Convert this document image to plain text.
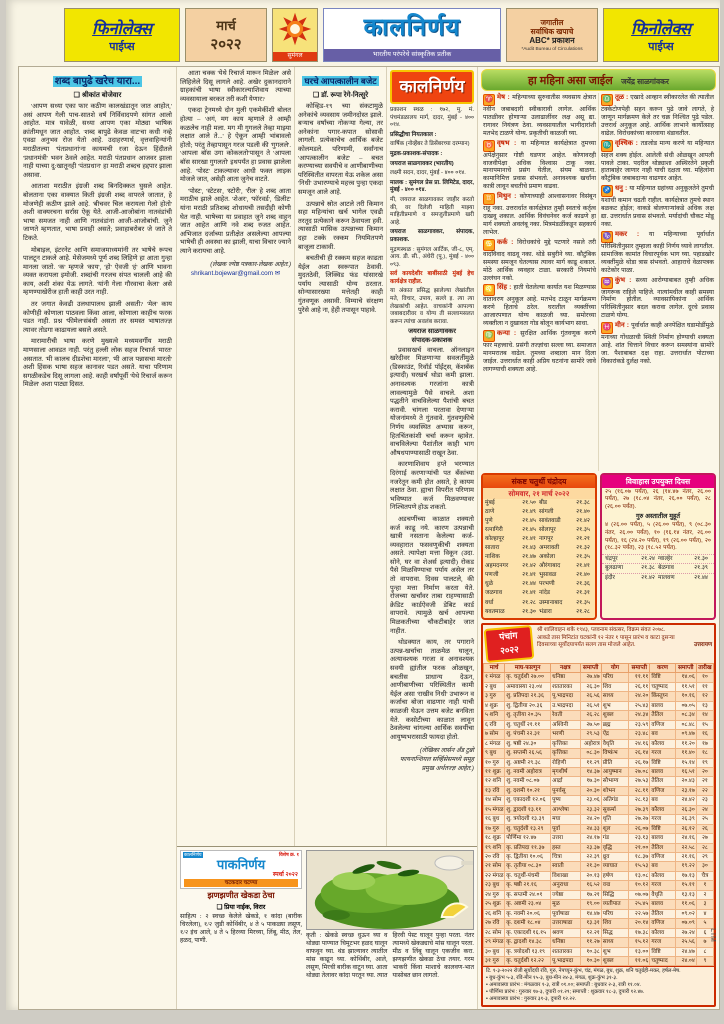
फिनोलेक्स
पाईप्स
मार्च
२०२२
सुमंगल
कालनिर्णय
भारतीय परंपरेचे सांस्कृतिक प्रतीक
जगातील
सर्वाधिक खपाचे
ABC* प्रकाशन
*Audit Bureau of Circulations
फिनोलेक्स
पाईप्स
शब्द बापुढे खरेच यारा...
❑ श्रीकांत बोजेवार

'आपण सध्या एका फार कठीण कालखंडातून जात आहोत,' असं आपण गेली पाच-सातशे वर्षं निर्विवादपणे सांगत आलो आहोत. मात्र यावेळी, सध्या आपण एका मोठ्या भाषिक क्रांतीमधून जात आहोत. 'शब्द बापुढे केवळ वाट'चा कधी नव्हे एवढा अनुभव रोज येतो आहे. उदाहरणार्थ, वृत्तवाहिन्यांनी मराठीतल्या 'पंतप्रधानां'ना कायमची रजा देऊन हिंदीतले 'प्रधानमंत्री' भवन ठेवले आहेत. मराठी पंतप्रधान आजवर झाला नाही याच्या दु:खातूनही 'पंतप्रधान' हा मराठी शब्दच हद्दपार झाला असावा.

आताशा मराठीत इंग्रजी शब्द बिनदिक्कत घुसले आहेत. बोलताना एका वाक्यात किती इंग्रजी शब्द वापरले जातात, हे मोजणेही कठीण झाले आहे. 'बीचवर चिल करायला गेलो होतो' अशी वाक्यरचना सर्रास ऐकू येते. आजी-आजोबांना नातवंडांची भाषा समजत नाही आणि नातवंडांना आजी-आजोबांची. जुने जाणते म्हणतात, भाषा प्रवाही असते; प्रवाहाबरोबर जे जाते ते टिकते.

मोबाइल, इंटरनेट आणि समाजमाध्यमांनी तर भाषेचे रूपच पालटून टाकले आहे. मेसेजमध्ये पूर्ण शब्द लिहिणे हा आता गुन्हा मानला जातो. 'क' म्हणजे 'काय', 'हो' ऐवजी 'हं' आणि भावना व्यक्त करायला इमोजी. शब्दांची गरजच संपत चालली आहे की काय, अशी शंका येऊ लागते. 'यांनी गेला गौरवाचा केला' असे म्हणण्याखेरीज हाती काही उरत नाही.

तर जगात केवढी उलथापालथ झाली असती? 'मेल' काय कोणीही कोणाला पाठवला किंवा आला, कोणाला काहीच फरक पडत नाही. प्रश्न 'फीमेल'संबंधी असता तर समस्त भाषातज्ज्ञ त्यावर तोडगा काढायला बसले असते.

मारामारीची भाषा करणे मुख्यत्वे मध्यमवर्गीय मराठी माणसाला आवडत नाही. परंतु हल्ली लोक सहज रिचार्ज 'मारत' असतात. 'मी कालच दीडशेचा मारला', 'मी आज पन्नासचा मारतो' अशी हिंसक भाषा सहज कानावर पडत असते. याचा परिणाम सगळीकडेच दिसू लागला आहे. काही वर्षांपूर्वी 'येथे रिचार्ज करून मिळेल' अशा पाट्या दिसत.

आता चक्क 'येथे रिचार्ज मारून मिळेल' असे लिहिलेले दिसू लागले आहे. अखेर दुकानदाराने ग्राहकांची भाषा स्वीकारल्याशिवाय त्याच्या व्यवसायाला बरकत तरी कशी येणार?

एकदा ट्रेनमध्ये दोन मुली एकमेकींशी बोलत होत्या – 'अगं, मग काय म्हणाले ते आम्ही कळलेच नाही मला. मग मी गुगलले तेव्हा माझ्या लक्षात आले ते...' हे ऐकून आम्ही भांबावलो होतो; परंतु तेव्हापासून गरज पडली की 'गुगलले'. 'आपला बॉस उगा कोकलतो'पासून ते 'आपला बॉस सारखा गुगलतो' इथपर्यंत हा प्रवास झालेला आहे. 'पोस्ट' टाकल्यावर आधी फक्त लाइक मोजले जात, असेही आता जुनेच वाटते.

'पोस्ट', 'स्टेटस', 'स्टोरी', 'रील' हे शब्द आता मराठीच झाले आहेत. 'शेअर', 'फॉरवर्ड', 'डिलीट' यांना मराठी प्रतिशब्द शोधायची तसदीही कोणी घेत नाही. भाषेच्या या प्रवाहात जुने शब्द वाहून जात आहेत आणि नवे शब्द रुजत आहेत. अभिजात दर्जाच्या प्रतीक्षेत असलेल्या आपल्या भाषेची ही अवस्था का झाली, याचा विचार ज्याने त्याने करायचा आहे.

(लेखक ज्येष्ठ पत्रकार-लेखक आहेत.)
shrikant.bojewar@gmail.com ✉
घरचे आपत्कालीन बजेट
❑ डॉ. रूपा रेगे-नित्सुरे

कोव्हिड-१९ च्या संकटामुळे अनेकांचे व्यवसाय जमीनदोस्त झाले. बऱ्याच वर्षांच्या नोकऱ्या गेल्या, तर अनेकांना पगार-कपात सोसावी लागली. प्रत्येकाचेच आर्थिक बजेट कोलमडले. परिणामी, सर्वांनाच 'आपत्कालीन बजेट' – बचत करण्याच्या सवयीचे व आणीबाणीच्या परिस्थितीत वापरता येऊ शकेल असा 'निधी' उभारण्याचे महत्त्व पुन्हा एकदा समजून आले आहे.

उत्पन्नाचे स्रोत आटले तरी किमान सहा महिन्यांचा खर्च भागेल एवढी तरतूद प्रत्येकाने करून ठेवायला हवी. त्यासाठी मासिक उत्पन्नाच्या किमान दहा टक्के रक्कम नियमितपणे बाजूला टाकावी.

बचतीची ही रक्कम सहज काढता येईल अशा स्वरूपात ठेवावी. मुदतठेवी, लिक्विड फंड यांसारखे पर्याय त्यासाठी योग्य ठरतात. सोन्यासारख्या मत्तेतही काही गुंतवणूक असावी. विम्याचे संरक्षण पुरेसे आहे ना, हेही तपासून पाहावे.

कालनिर्णय

प्रकाशन स्थळ : १७२, मु. मं. पंचमंडळालय मार्ग, दादर, मुंबई - ४०० ०१४.

प्रसिद्धीचा नियतकाल :

वार्षिक (नोव्हेंबर ते डिसेंबरच्या दरम्यान)

मुद्रक-प्रकाशक-संपादक :

जयराज साळगावकर (भारतीय)

लक्ष्मी सदन, दादर, मुंबई - ४०० ०१४.

मालक : सुमंगल प्रेस प्रा. लिमिटेड, दादर, मुंबई - ४०० ०१४.

मी, जयराज साळगावकर जाहीर करतो की, वर दिलेली माहिती माझ्या माहितीप्रमाणे व समजुतीप्रमाणे खरी आहे.

जयराज साळगावकर, संपादक, प्रकाशक.

मुद्रणस्थळ : सुमंगल आर्टिक, जी-८, एम्. आय. डी. सी., अंधेरी (पू.), मुंबई - ४०० ०९३.

सर्व कायदेशीर बाबींसाठी मुंबई हेच कार्यक्षेत्र राहील.

या अंकात प्रसिद्ध झालेल्या लेखांतील मते, विचार, उपाय, सल्ले इ. त्या त्या लेखकांची आहेत. वाचकांनी आपल्या जबाबदारीवर व योग्य ती सल्लामसलत करून त्यांचा अवलंब करावा.

जयराज साळगावकर

संपादक-प्रकाशक

प्रवासखर्च वाचला. ऑनलाइन खरेदीवर मिळणाऱ्या सवलतींमुळे (डिस्काउंट, रिवॉर्ड पॉईंट्स, कॅशबॅक इत्यादी) घरखर्च थोडा कमी झाला. अनावश्यक गरजांना कात्री लावल्यामुळे पैसे वाचले. अशा पद्धतीने वाचविलेल्या पैशांची बचत करावी. चांगला परतावा देणाऱ्या योजनांमध्ये ते गुंतवावे. गुंतवणुकीचे निर्णय व्यवस्थित अभ्यास करून, हितचिंतकांशी चर्चा करून व्हावेत. वाचविलेल्या पैशांतील काही भाग औषधपाण्यासाठी राखून ठेवा.

कारणाशिवाय हप्ते भरण्यात दिरंगाई करणाऱ्यांची पत बँकांच्या नजरेतून कमी होत असते, हे कायम लक्षात ठेवा. ह्याचा विपरीत परिणाम भविष्यात कर्ज मिळवण्यावर निश्चितपणे होऊ शकतो.

अडचणींच्या काळात शक्यतो कर्ज काढू नये. कारण उत्पन्नाची खात्री नसताना केलेल्या कर्ज-व्यवहारात फसवणुकीची शक्यता असते. त्यापेक्षा मत्ता विकून (उदा. सोने, घर वा शेअर्स इत्यादी) रोकड पैसे मिळविण्याचा पर्याय असेल तर तो वापरावा. दिवस पालटले, की पुन्हा मत्ता निर्माण करता येते. रोजच्या खर्चांवर ताबा राहण्यासाठी क्रेडिट कार्डऐवजी डेबिट कार्ड वापरावे. त्यामुळे खर्च आपल्या मिळकतीच्या चौकटीबाहेर जात नाहीत.

थोडक्यात काय, तर पगाराने उत्पन्न-खर्चाचा ताळमेळ घालून, अत्यावश्यक गरजा व अनावश्यक सवयी ह्यांतील फरक ओळखून, बचतीस प्राधान्य देऊन, आणीबाणीच्या परिस्थितीत कामी येईल असा 'राखीव निधी' उभारून व कर्जाचा बोजा वाढणार नाही याची काळजी घेऊन उत्तम बजेट बनविता येते. कसोटीच्या काळात लावून ठेवलेल्या चांगल्या आर्थिक सवयींचा आयुष्यभरासाठी फायदा होतो.

(लेखिका लार्सन अँड टुब्रो फायनान्शियल सर्व्हिसेसमध्ये समूह प्रमुख अर्थतज्ज्ञ आहेत.)
कालनिर्णय	विशेष क्र. १
पाकनिर्णय
स्पर्धा २०२२
चटकदार चटण्या
झणझणीत खेकडा ठेचा
❑ प्रिया नाईक, विरार
साहित्य : २ स्वच्छ केलेले खेकडे, १ कांदा (बारीक चिरलेला), १/२ जुडी कोथिंबीर, ४ ते ५ पाकळ्या लसूण, १/२ इंच आले, ४ ते ५ हिरव्या मिरच्या, लिंबू, मीठ, तेल, हळद, पाणी.
कृती : खेकडे स्वच्छ धुऊन घ्या व थोड्या पाण्यात चिमूटभर हळद घालून वाफवून घ्या. थंड झाल्यावर त्यातील मांस काढून घ्या. कोथिंबीर, आले, लसूण, मिरची बारीक वाटून घ्या. आता थोड्या तेलावर कांदा परतून घ्या. त्यात हिरवी पेस्ट घालून पुन्हा परता. नंतर त्यामध्ये खेकड्याचे मांस घालून परता. मीठ व लिंबू घालून एकजीव करा. झणझणीत खेकडा ठेचा तयार. गरम भाकरी किंवा माशाचे कालवण-भात यासोबत छान लागतो.
हा महिना असा जाईल जयेंद्र साळगांवकर
♈ मेष : महिन्याच्या सुरुवातीस व्यवसाय क्षेत्रात नवीन जबाबदारी स्वीकारावी लागेल. आर्थिक पातळीवर होणाऱ्या उलाढालींवर लक्ष असू द्या. रागावर नियंत्रण ठेवा. व्यवसायातील भागीदारांशी मतभेद टाळणे योग्य. प्रकृतीची काळजी घ्या.
♉ वृषभ : या महिन्यात कार्यक्षेत्रात तुमच्या अपेक्षेनुसार गोष्टी घडणार आहेत. कोणावरही वाजवीपेक्षा अधिक विश्वास टाकू नका. मानापमानाचे प्रसंग येतील, संयम बाळगा. कामानिमित्त प्रवास संभवतो. अनावश्यक खर्चांना कात्री लावून बचतीचे प्रमाण वाढवा.
♊ मिथुन : कोणाच्याही आश्वासनावर विसंबून राहू नका. उत्तरार्धात कार्यक्षेत्रात तुम्ही स्वतःचे कर्तृत्व दाखवू शकाल. आर्थिक विवंचनेवर कर्ज काढणे हा मार्ग शक्यतो अवलंबू नका. मित्रमंडळींकडून सहकार्य लाभेल.
♋ कर्क : विरोधकांचे मुद्दे पटणारे नसले तरी वादविवाद वाढवू नका. थोडे सबुरीने घ्या. कौटुंबिक समस्या समजून घेतल्यास त्यावर मार्ग काढू शकाल. मोठे आर्थिक व्यवहार टाळा. सरकारी नियमांचे उल्लंघन नको.
♌ सिंह : हाती घेतलेल्या कार्यात यश मिळण्यास वातावरण अनुकूल आहे. मतभेद टाळून मार्गक्रमण करणे हिताचे ठरेल. घरातील व्यक्तींच्या आजारपणात योग्य काळजी घ्या. समोरच्या व्यक्तीला न दुखावता गोड बोलून कार्यभाग साधा.
♍ कन्या : सुरक्षित आर्थिक गुंतवणूक करणे फार महत्त्वाचे. प्रसंगी तज्ज्ञांचा सल्ला घ्या. समाजात मानमरातब वाढेल. तुमच्या शब्दाला मान दिला जाईल. उत्तरार्धात काही अप्रिय घटनांना सामोरे जावे लागण्याची शक्यता आहे.
♎ तूळ : एखादे आव्हान स्वीकारलेत की त्यातील टक्केटोणपेही सहन करून पुढे जावे लागते, हे जाणून मार्गक्रमण केले तर चक्र निश्चित पुढे पडेल. उत्तरार्ध अनुकूल आहे. आर्थिक लाभाने कार्योत्साह वाढेल. विरोधकांच्या कारवाया थंडावतील.
♏ वृश्चिक : तडजोड मान्य करणे या महिन्यात सहज शक्य होईल. आलेली संधी ओळखून आपली पावले टाका. पदरील थोड्याशा अस्थिरतेने प्रकृती हाताबाहेर जाणार नाही याची दक्षता घ्या. महिलांना कौटुंबिक जबाबदाऱ्या वाढणार आहेत.
♐ धनु : या महिन्यात ग्रहांच्या अनुकूलतेने तुमची यशाची कमान चढती राहील. कार्यक्षेत्रात तुमचे स्थान बळकट होईल; वाकडे बोलणाऱ्यांकडे अधिक लक्ष द्या. उत्तरार्धात प्रवास संभवतो. मर्यादांची चौकट मोडू नका.
♑ मकर : या महिन्याच्या पूर्वार्धात परिस्थितीनुसार तुम्हाला काही निर्णय घ्यावे लागतील. सामाजिक कामांत विचारपूर्वक भाग घ्या. पहाडखोर व्यक्तींमुळे थोडा त्रास संभवतो. आहाराचे वेळापत्रक काटेकोर पाळा.
♒ कुंभ : सध्या आरोग्याबाबत तुम्ही अधिक जागरूक राहिले पाहिजे. नात्यांमधील काही समस्या निर्माण होतील. व्यावसायिकांना आर्थिक परिस्थितीनुसार बदल करावा लागेल. दूरचे प्रवास टाळणे योग्य.
♓ मीन : पूर्वार्धात काही अनपेक्षित घडामोडींमुळे मनाच्या गोंधळाची स्थिती निर्माण होण्याची शक्यता आहे. शांत चित्ताने विचार करून समस्यांना सामोरे जा. पैशाबाबत दक्ष राहा. उत्तरार्धात पोटाच्या विकारांकडे दुर्लक्ष नको.
संकष्ट चतुर्थी चंद्रोदय
सोमवार, २१ मार्च २०२२
मुंबई	२१.५० बीड	२१.३८
ठाणे	२१.४९ सांगली	२१.४०
पुणे	२१.४५ सावंतवाडी	२१.४२
रत्नागिरी	२१.४५ सोलापूर	२१.३५
कोल्हापूर	२१.४१ नागपूर	२१.२१
सातारा	२१.४३ अमरावती	२१.३२
नाशिक	२१.४७ अकोला	२१.३५
अहमदनगर	२१.४२ औरंगाबाद	२१.४१
पणजी	२१.४१ भुसावळ	२१.४०
धुळे	२१.४४ परभणी	२१.३६
जळगाव	२१.४१ नांदेड	२१.३१
वर्धा	२१.२८ उस्मानाबाद	२१.३५
यवतमाळ	२१.३० भंडारा	२१.२८
विवाहास उपयुक्त दिवस
२५ (१६.०७ पर्यंत), २६ (१४.४७ नंतर, २६.०० पर्यंत), २७ (१८.०४ नंतर, २६.०० पर्यंत), २८ (२६.०० पर्यंत).
गुरु अस्तातील मुहूर्त
४ (२६.०० पर्यंत), ५ (२६.०० पर्यंत), ९ (०८.३० नंतर, २६.०० पर्यंत), १० (१६.१४ नंतर, २६.०० पर्यंत), १६ (२४.२० पर्यंत), १९ (२६.०० पर्यंत), २० (१८.३२ पर्यंत), २३ (१८.५२ पर्यंत).
चंद्रपूर	२१.२४ ग्वाल्हेर	२१.३०
बुलढाणा	२१.३८ बेळगाव	२१.३९
इंदौर	२१.४२ मालवण	२१.४४
पंचांग
२०२२
श्री शालिवाहन शके १९४३, प्लवनाम संवत्सर, विक्रम संवत २०७८.
आकडे तास मिनिटांत घटकांनी १२ नंतर १ पासून प्रारंभ व काटा दुसऱ्या
दिवसाच्या सूर्योदयापर्यंत सलग तास मोजले आहेत.	उत्तरायण
मार्च	माघ-फाल्गुन	नक्षत्र	समाप्ती	योग	समाप्ती	करण	समाप्ती	तारीख
१ मंगळ	कृ. चतुर्दशी २७.००	धनिष्ठा	२७.४७	परिघ	११.११	विष्टि	१४.०६	१०
२ बुध	अमावास्या २३.०४	शततारका	२६.३०	शिव	२६.११	चतुष्पाद	११.५१	११
३ गुरु	शु. प्रतिपदा २१.३६	पू.भाद्रपदा	२६.५६	साध्य	२४.२०	किंस्तुघ्न	१०.१६	१२
४ शुक्र	शु. द्वितीया २०.३६	उ.भाद्रपदा	२६.५१	शुभ	२५.४३	बालव	०७.०५	१३
५ शनि	शु. तृतीया २०.३५	रेवती	२६.२८	शुक्ल	२४.३४	तैतिल	०८.३४	१४
६ रवि	शु. चतुर्थी २१.११	अश्विनी	२७.५०	ब्रह्म	२३.५९	वणिज	०८.४८	१५
७ सोम	शु. पंचमी २२.३१	भरणी	२९.५३	ऐंद्र	२३.४८	बव	०९.४७	१६
८ मंगळ	शु. षष्ठी २४.३०	कृत्तिका	अहोरात्र	वैधृति	२४.१६	कौलव	११.२०	१७
९ बुध	शु. सप्तमी २६.५६	कृत्तिका	०८.३०	विष्कंभ	२६.१४	गरज	११.४०	१८
१० गुरु	शु. अष्टमी २९.३८	रोहिणी	११.२९	प्रीति	२६.१७	विष्टि	१५.१४	१९
११ शुक्र	शु. नवमी अहोरात्र	मृगशीर्ष	१४.३७	आयुष्मान	२७.०८	बालव	१६.५१	२०
१२ शनि	शु. नवमी ०८.०७	आर्द्रा	१७.३०	सौभाग्य	२७.५३	तैतिल	२०.४३	२१
१३ रवि	शु. दशमी १०.२१	पुनर्वसू	२०.३०	शोभन	२८.११	वणिज	२३.१७	२२
१४ सोम	शु. एकादशी १२.०६	पुष्य	२३.०६	अतिगंड	२८.१३	बव	२४.४२	२३
१५ मंगळ	शु. द्वादशी १३.११	आश्लेषा	२३.३२	सुकर्मा	२७.३९	कौलव	२६.३०	२४
१६ बुध	शु. त्रयोदशी १३.३९	मघा	२४.२०	धृति	२७.२७	गरज	२६.३९	२५
१७ गुरु	शु. चतुर्दशी १३.२९	पूर्वा	२४.३३	शूल	२६.०७	विष्टि	२६.१२	२६
१८ शुक्र	पौर्णिमा १२.४७	उत्तरा	२४.१७	गंड	२३.१३	बालव	२४.१६	२७
१९ शनि	कृ. प्रतिपदा ११.३७	हस्त	२३.३७	वृद्धि	२१.००	तैतिल	२२.५८	२८
२० रवि	कृ. द्वितीया १०.०६	चित्रा	२२.३९	ध्रुव	१८.३७	वणिज	२१.१६	२९
२१ सोम	कृ. तृतीया ०८.३०	स्वाती	२१.३०	व्याघात	१५.५३	बव	१९.२२	३०
२२ मंगळ	कृ. चतुर्थी-पंचमी	विशाखा	२०.१३	हर्षण	१३.०८	कौलव	१७.१३	चैत्र
२३ बुध	कृ. षष्ठी २१.१६	अनुराधा	१६.५२	वज्र	१०.१२	गरज	१५.११	१
२४ गुरु	कृ. सप्तमी २४.०१	ज्येष्ठा	१७.२१	सिद्धि	०७.०७	वैधृति	१३.१३	२
२५ शुक्र	कृ. अष्टमी २३.०४	मूळ	१९.००	व्यतीपात	२५.४५	बालव	११.०६	३
२६ शनि	कृ. नवमी २०.०६	पूर्वाषाढा	१४.४७	परिघ	२२.५७	तैतिल	०९.०२	४
२७ रवि	कृ. दशमी १८.०४	उत्तराषाढा	१३.३१	शिव	२०.१४	वणिज	०७.०९	५
२८ सोम	कृ. एकादशी १६.१५	श्रवण	१२.२१	सिद्ध	१७.३८	कौलव	२७.२४	६
२९ मंगळ	कृ. द्वादशी १४.३८	धनिष्ठा	११.२७	साध्य	१५.१२	गरज	२५.५६	७
३० बुध	कृ. त्रयोदशी १३.१९	शततारका	१०.३८	शुभ	१३.००	विष्टि	२४.४७	८
३१ गुरु	कृ. चतुर्दशी १२.२२	पू.भाद्रपदा	१०.३०	शुक्ल	११.०६	चतुष्पाद	२४.०४	९
टि. १-३-२०२२ रोजी सूर्योदयी रवि, गुरु, नेपच्यून-कुंभ, चंद्र, मंगळ, बुध, शुक्र, शनि चतुर्ग्रही-मकर, हर्षल-मेष.
• बुध-कुंभ ५-३, रवि-मीन १५-३, बुध-मीन २४-३, मंगळ, शुक्र-कुंभ ३१-३.
• अमावास्या प्रारंभ : मंगळवार १-३, रात्री ०१.००; समाप्ती : बुधवार २-३, रात्री ११.०४.
• पौर्णिमा प्रारंभ : गुरुवार १७-३, दुपारी ०१.२९; समाप्ती : शुक्रवार १८-३, दुपारी १२.४७.
• अमावास्या प्रारंभ : गुरुवार ३१-३, दुपारी १२.२२.
LIM
